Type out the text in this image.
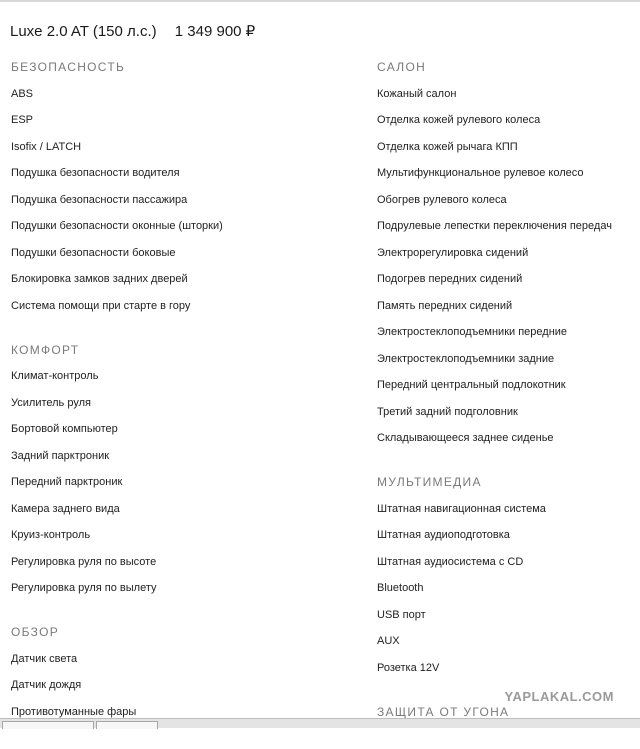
Luxe 2.0 AT (150 л.с.) 1 349 900 ₽
БЕЗОПАСНОСТЬ
ABS
ESP
Isofix / LATCH
Подушка безопасности водителя
Подушка безопасности пассажира
Подушки безопасности оконные (шторки)
Подушки безопасности боковые
Блокировка замков задних дверей
Система помощи при старте в гору
КОМФОРТ
Климат-контроль
Усилитель руля
Бортовой компьютер
Задний парктроник
Передний парктроник
Камера заднего вида
Круиз-контроль
Регулировка руля по высоте
Регулировка руля по вылету
ОБЗОР
Датчик света
Датчик дождя
Противотуманные фары
САЛОН
Кожаный салон
Отделка кожей рулевого колеса
Отделка кожей рычага КПП
Мультифункциональное рулевое колесо
Обогрев рулевого колеса
Подрулевые лепестки переключения передач
Электрорегулировка сидений
Подогрев передних сидений
Память передних сидений
Электростеклоподъемники передние
Электростеклоподъемники задние
Передний центральный подлокотник
Третий задний подголовник
Складывающееся заднее сиденье
МУЛЬТИМЕДИА
Штатная навигационная система
Штатная аудиоподготовка
Штатная аудиосистема с CD
Bluetooth
USB порт
AUX
Розетка 12V
ЗАЩИТА ОТ УГОНА
YAPLAKAL.COM
